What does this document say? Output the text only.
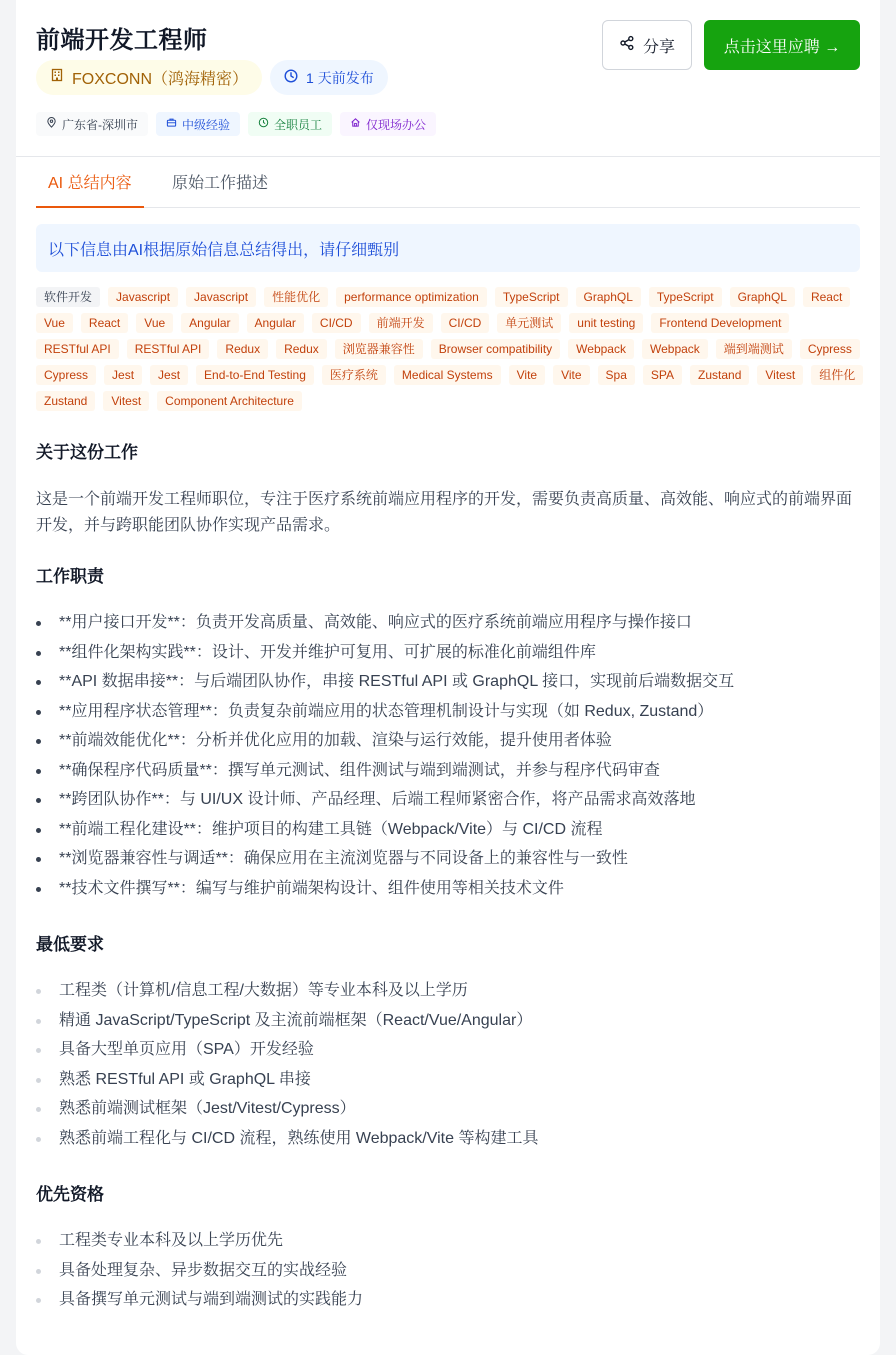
前端开发工程师
FOXCONN（鸿海精密）	1 天前发布
广东省-深圳市	中级经验	全职员工	仅现场办公
分享	点击这里应聘 →
AI 总结内容	原始工作描述
以下信息由AI根据原始信息总结得出，请仔细甄别
软件开发	Javascript	Javascript	性能优化	performance optimization	TypeScript	GraphQL	TypeScript	GraphQL	React
Vue	React	Vue	Angular	Angular	CI/CD	前端开发	CI/CD	单元测试	unit testing	Frontend Development
RESTful API	RESTful API	Redux	Redux	浏览器兼容性	Browser compatibility	Webpack	Webpack	端到端测试	Cypress
Cypress	Jest	Jest	End-to-End Testing	医疗系统	Medical Systems	Vite	Vite	Spa	SPA	Zustand	Vitest	组件化
Zustand	Vitest	Component Architecture
关于这份工作

这是一个前端开发工程师职位，专注于医疗系统前端应用程序的开发，需要负责高质量、高效能、响应式的前端界面开发，并与跨职能团队协作实现产品需求。

工作职责
**用户接口开发**：负责开发高质量、高效能、响应式的医疗系统前端应用程序与操作接口
**组件化架构实践**：设计、开发并维护可复用、可扩展的标准化前端组件库
**API 数据串接**：与后端团队协作，串接 RESTful API 或 GraphQL 接口，实现前后端数据交互
**应用程序状态管理**：负责复杂前端应用的状态管理机制设计与实现（如 Redux, Zustand）
**前端效能优化**：分析并优化应用的加载、渲染与运行效能，提升使用者体验
**确保程序代码质量**：撰写单元测试、组件测试与端到端测试，并参与程序代码审查
**跨团队协作**：与 UI/UX 设计师、产品经理、后端工程师紧密合作，将产品需求高效落地
**前端工程化建设**：维护项目的构建工具链（Webpack/Vite）与 CI/CD 流程
**浏览器兼容性与调适**：确保应用在主流浏览器与不同设备上的兼容性与一致性
**技术文件撰写**：编写与维护前端架构设计、组件使用等相关技术文件
最低要求
工程类（计算机/信息工程/大数据）等专业本科及以上学历
精通 JavaScript/TypeScript 及主流前端框架（React/Vue/Angular）
具备大型单页应用（SPA）开发经验
熟悉 RESTful API 或 GraphQL 串接
熟悉前端测试框架（Jest/Vitest/Cypress）
熟悉前端工程化与 CI/CD 流程，熟练使用 Webpack/Vite 等构建工具
优先资格
工程类专业本科及以上学历优先
具备处理复杂、异步数据交互的实战经验
具备撰写单元测试与端到端测试的实践能力
